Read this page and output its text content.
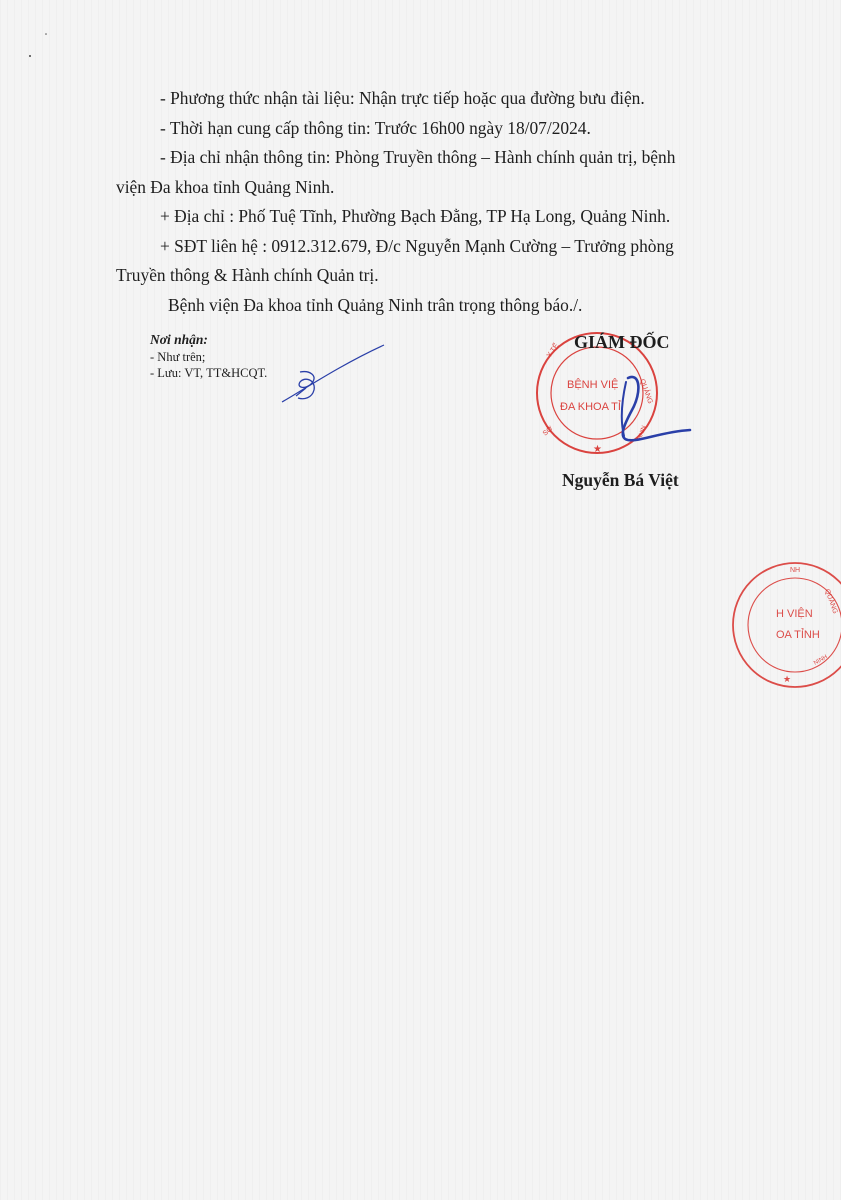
- Phương thức nhận tài liệu: Nhận trực tiếp hoặc qua đường bưu điện.

- Thời hạn cung cấp thông tin: Trước 16h00 ngày 18/07/2024.

- Địa chỉ nhận thông tin: Phòng Truyền thông – Hành chính quản trị, bệnh

viện Đa khoa tỉnh Quảng Ninh.

+ Địa chỉ : Phố Tuệ Tĩnh, Phường Bạch Đằng, TP Hạ Long, Quảng Ninh.

+ SĐT liên hệ : 0912.312.679, Đ/c Nguyễn Mạnh Cường – Trưởng phòng

Truyền thông & Hành chính Quản trị.

Bệnh viện Đa khoa tỉnh Quảng Ninh trân trọng thông báo./.

Nơi nhận:
- Như trên;
- Lưu: VT, TT&HCQT.
BỆNH VIỆ
ĐA KHOA TỈ
★
QUẢNG
SỞ
Y TẾ
NINH
GIÁM ĐỐC
Nguyễn Bá Việt
H VIỆN
OA TỈNH
★
NH
QUẢNG
NINH
